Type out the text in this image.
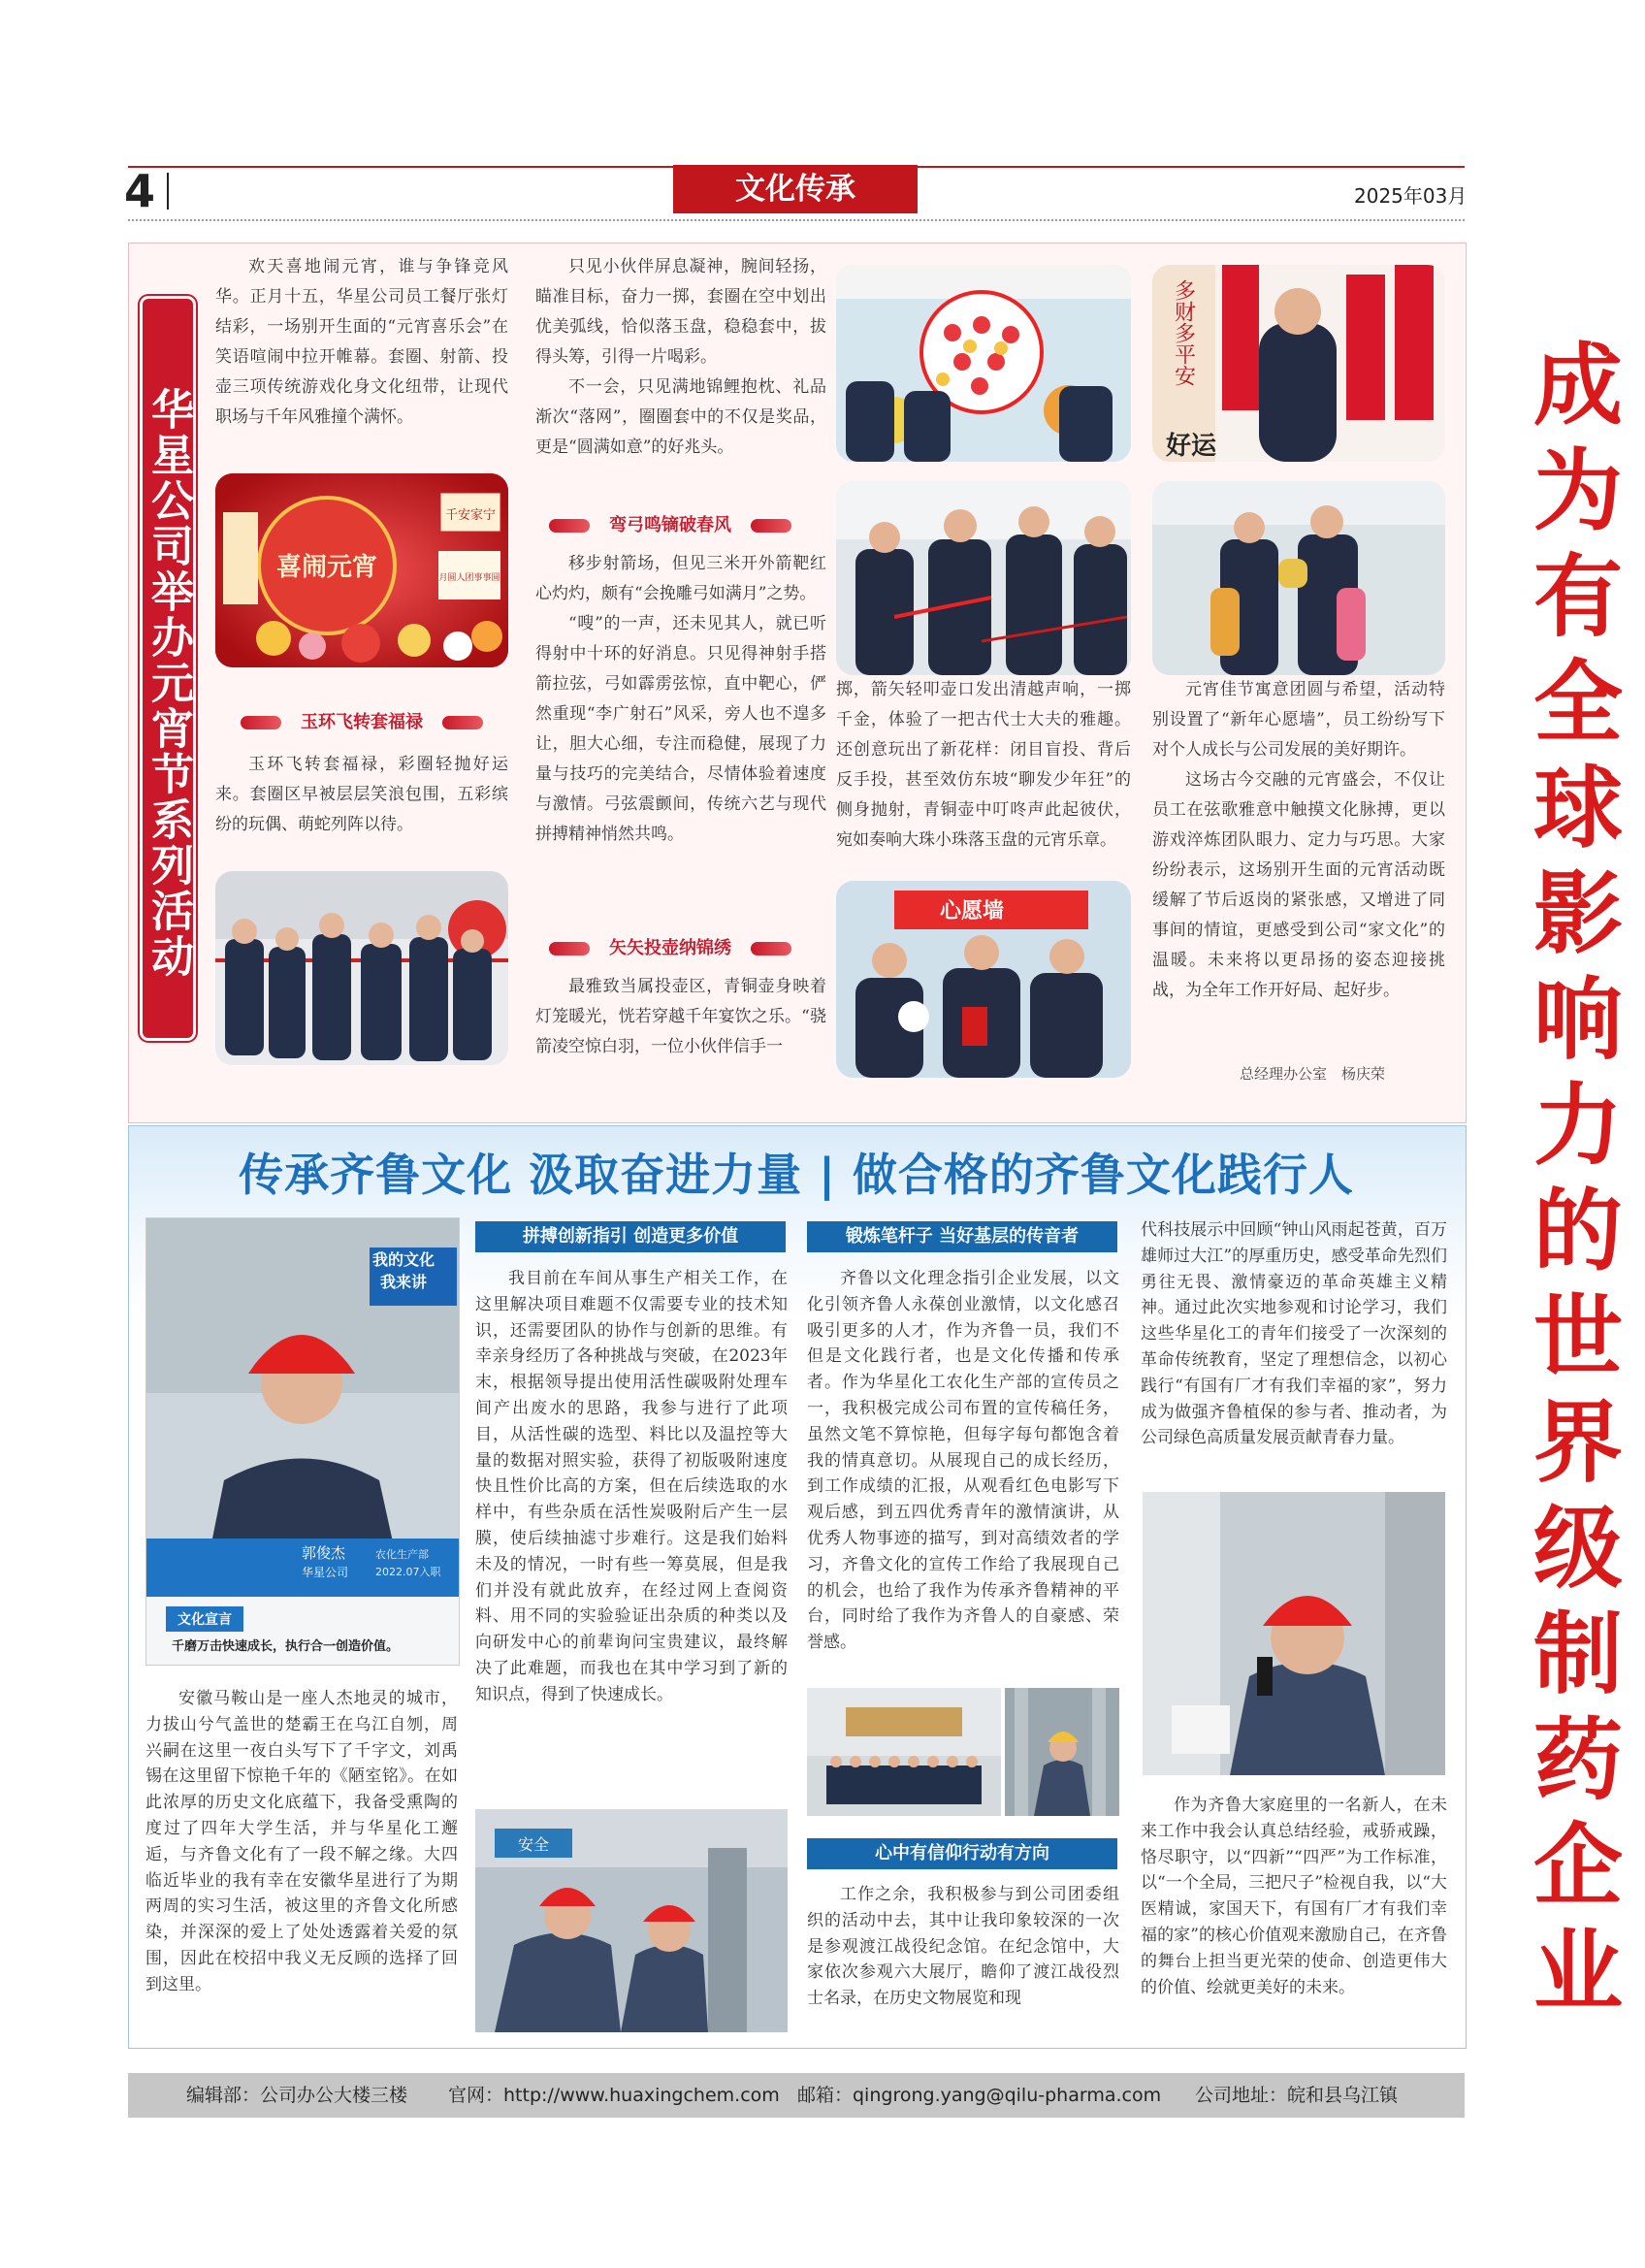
4	文化传承	2025年03月
成为有全球影响力的世界级制药企业
华星公司举办元宵节系列活动

欢天喜地闹元宵，谁与争锋竞风华。正月十五，华星公司员工餐厅张灯结彩，一场别开生面的“元宵喜乐会”在笑语喧闹中拉开帷幕。套圈、射箭、投壶三项传统游戏化身文化纽带，让现代职场与千年风雅撞个满怀。

喜闹元宵
千安家宁
月圆人团事事圆
玉环飞转套福禄

玉环飞转套福禄，彩圈轻抛好运来。套圈区早被层层笑浪包围，五彩缤纷的玩偶、萌蛇列阵以待。

只见小伙伴屏息凝神，腕间轻扬，瞄准目标，奋力一掷，套圈在空中划出优美弧线，恰似落玉盘，稳稳套中，拔得头筹，引得一片喝彩。

不一会，只见满地锦鲤抱枕、礼品渐次“落网”，圈圈套中的不仅是奖品，更是“圆满如意”的好兆头。

弯弓鸣镝破春风

移步射箭场，但见三米开外箭靶红心灼灼，颇有“会挽雕弓如满月”之势。

“嗖”的一声，还未见其人，就已听得射中十环的好消息。只见得神射手搭箭拉弦，弓如霹雳弦惊，直中靶心，俨然重现“李广射石”风采，旁人也不遑多让，胆大心细，专注而稳健，展现了力量与技巧的完美结合，尽情体验着速度与激情。弓弦震颤间，传统六艺与现代拼搏精神悄然共鸣。

矢矢投壶纳锦绣

最雅致当属投壶区，青铜壶身映着灯笼暖光，恍若穿越千年宴饮之乐。“骁箭凌空惊白羽，一位小伙伴信手一

多财多平安
好运

掷，箭矢轻叩壶口发出清越声响，一掷千金，体验了一把古代士大夫的雅趣。还创意玩出了新花样：闭目盲投、背后反手投，甚至效仿东坡“聊发少年狂”的侧身抛射，青铜壶中叮咚声此起彼伏，宛如奏响大珠小珠落玉盘的元宵乐章。

心愿墙

元宵佳节寓意团圆与希望，活动特别设置了“新年心愿墙”，员工纷纷写下对个人成长与公司发展的美好期许。

这场古今交融的元宵盛会，不仅让员工在弦歌雅意中触摸文化脉搏，更以游戏淬炼团队眼力、定力与巧思。大家纷纷表示，这场别开生面的元宵活动既缓解了节后返岗的紧张感，又增进了同事间的情谊，更感受到公司“家文化”的温暖。未来将以更昂扬的姿态迎接挑战，为全年工作开好局、起好步。

总经理办公室　杨庆荣
传承齐鲁文化 汲取奋进力量 | 做合格的齐鲁文化践行人
我的文化
我来讲
郭俊杰
华星公司
农化生产部
2022.07入职
文化宣言
千磨万击快速成长，执行合一创造价值。

安徽马鞍山是一座人杰地灵的城市，力拔山兮气盖世的楚霸王在乌江自刎，周兴嗣在这里一夜白头写下了千字文，刘禹锡在这里留下惊艳千年的《陋室铭》。在如此浓厚的历史文化底蕴下，我备受熏陶的度过了四年大学生活，并与华星化工邂逅，与齐鲁文化有了一段不解之缘。大四临近毕业的我有幸在安徽华星进行了为期两周的实习生活，被这里的齐鲁文化所感染，并深深的爱上了处处透露着关爱的氛围，因此在校招中我义无反顾的选择了回到这里。

拼搏创新指引 创造更多价值

我目前在车间从事生产相关工作，在这里解决项目难题不仅需要专业的技术知识，还需要团队的协作与创新的思维。有幸亲身经历了各种挑战与突破，在2023年末，根据领导提出使用活性碳吸附处理车间产出废水的思路，我参与进行了此项目，从活性碳的选型、料比以及温控等大量的数据对照实验，获得了初版吸附速度快且性价比高的方案，但在后续选取的水样中，有些杂质在活性炭吸附后产生一层膜，使后续抽滤寸步难行。这是我们始料未及的情况，一时有些一筹莫展，但是我们并没有就此放弃，在经过网上查阅资料、用不同的实验验证出杂质的种类以及向研发中心的前辈询问宝贵建议，最终解决了此难题，而我也在其中学习到了新的知识点，得到了快速成长。

安全
锻炼笔杆子 当好基层的传音者

齐鲁以文化理念指引企业发展，以文化引领齐鲁人永葆创业激情，以文化感召吸引更多的人才，作为齐鲁一员，我们不但是文化践行者，也是文化传播和传承者。作为华星化工农化生产部的宣传员之一，我积极完成公司布置的宣传稿任务，虽然文笔不算惊艳，但每字每句都饱含着我的情真意切。从展现自己的成长经历，到工作成绩的汇报，从观看红色电影写下观后感，到五四优秀青年的激情演讲，从优秀人物事迹的描写，到对高绩效者的学习，齐鲁文化的宣传工作给了我展现自己的机会，也给了我作为传承齐鲁精神的平台，同时给了我作为齐鲁人的自豪感、荣誉感。

心中有信仰行动有方向

工作之余，我积极参与到公司团委组织的活动中去，其中让我印象较深的一次是参观渡江战役纪念馆。在纪念馆中，大家依次参观六大展厅，瞻仰了渡江战役烈士名录，在历史文物展览和现

代科技展示中回顾“钟山风雨起苍黄，百万雄师过大江”的厚重历史，感受革命先烈们勇往无畏、激情豪迈的革命英雄主义精神。通过此次实地参观和讨论学习，我们这些华星化工的青年们接受了一次深刻的革命传统教育，坚定了理想信念，以初心践行“有国有厂才有我们幸福的家”，努力成为做强齐鲁植保的参与者、推动者，为公司绿色高质量发展贡献青春力量。

作为齐鲁大家庭里的一名新人，在未来工作中我会认真总结经验，戒骄戒躁，恪尽职守，以“四新”“四严”为工作标准，以“一个全局，三把尺子”检视自我，以“大医精诚，家国天下，有国有厂才有我们幸福的家”的核心价值观来激励自己，在齐鲁的舞台上担当更光荣的使命、创造更伟大的价值、绘就更美好的未来。

编辑部：公司办公大楼三楼 官网：http://www.huaxingchem.com 邮箱：qingrong.yang@qilu-pharma.com 公司地址：皖和县乌江镇
